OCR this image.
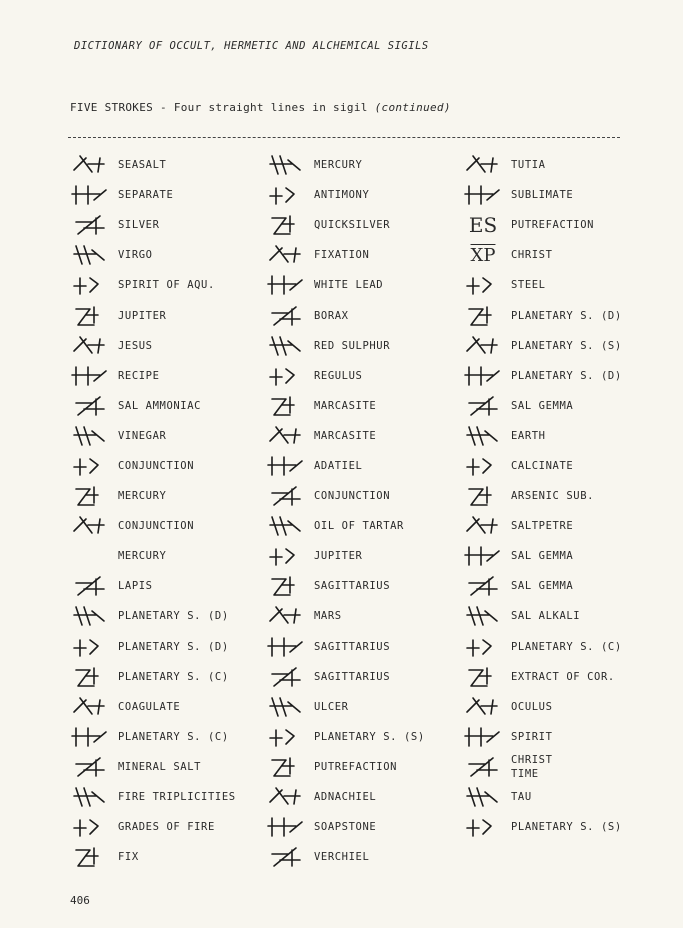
DICTIONARY OF OCCULT, HERMETIC AND ALCHEMICAL SIGILS
FIVE STROKES - Four straight lines in sigil (continued)
SEASALT
SEPARATE
SILVER
VIRGO
SPIRIT OF AQU.
JUPITER
JESUS
RECIPE
SAL AMMONIAC
VINEGAR
CONJUNCTION
MERCURY
CONJUNCTION
MERCURY
LAPIS
PLANETARY S. (D)
PLANETARY S. (D)
PLANETARY S. (C)
COAGULATE
PLANETARY S. (C)
MINERAL SALT
FIRE TRIPLICITIES
GRADES OF FIRE
FIX
MERCURY
ANTIMONY
QUICKSILVER
FIXATION
WHITE LEAD
BORAX
RED SULPHUR
REGULUS
MARCASITE
MARCASITE
ADATIEL
CONJUNCTION
OIL OF TARTAR
JUPITER
SAGITTARIUS
MARS
SAGITTARIUS
SAGITTARIUS
ULCER
PLANETARY S. (S)
PUTREFACTION
ADNACHIEL
SOAPSTONE
VERCHIEL
TUTIA
SUBLIMATE
ES PUTREFACTION
$\overline{XP}$ CHRIST
STEEL
PLANETARY S. (D)
PLANETARY S. (S)
PLANETARY S. (D)
SAL GEMMA
EARTH
CALCINATE
ARSENIC SUB.
SALTPETRE
SAL GEMMA
SAL GEMMA
SAL ALKALI
PLANETARY S. (C)
EXTRACT OF COR.
OCULUS
SPIRIT
CHRIST
TIME
TAU
PLANETARY S. (S)
406
